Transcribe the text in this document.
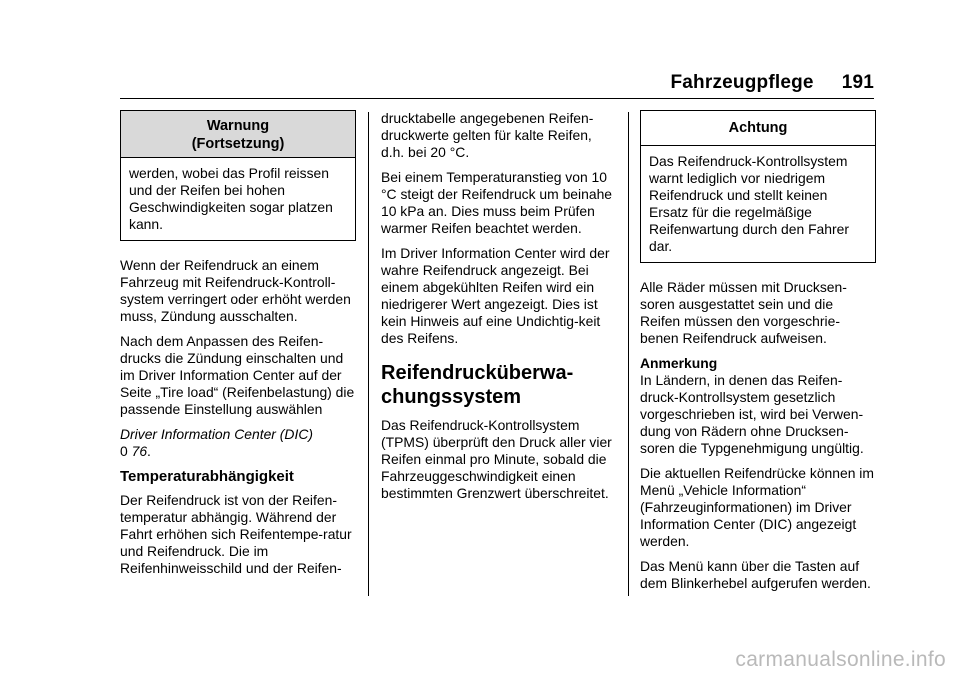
Fahrzeugpflege 191
Warnung
(Fortsetzung)
werden, wobei das Profil reissen und der Reifen bei hohen Geschwindigkeiten sogar platzen kann.

Wenn der Reifendruck an einem Fahrzeug mit Reifendruck-Kontroll-system verringert oder erhöht werden muss, Zündung ausschalten.

Nach dem Anpassen des Reifen-drucks die Zündung einschalten und im Driver Information Center auf der Seite „Tire load“ (Reifenbelastung) die passende Einstellung auswählen

Driver Information Center (DIC)
0 76.

Temperaturabhängigkeit

Der Reifendruck ist von der Reifen-temperatur abhängig. Während der Fahrt erhöhen sich Reifentempe-ratur und Reifendruck. Die im Reifenhinweisschild und der Reifen-

drucktabelle angegebenen Reifen-druckwerte gelten für kalte Reifen, d.h. bei 20 °C.

Bei einem Temperaturanstieg von 10 °C steigt der Reifendruck um beinahe 10 kPa an. Dies muss beim Prüfen warmer Reifen beachtet werden.

Im Driver Information Center wird der wahre Reifendruck angezeigt. Bei einem abgekühlten Reifen wird ein niedrigerer Wert angezeigt. Dies ist kein Hinweis auf eine Undichtig-keit des Reifens.

Reifendrucküberwa-
chungssystem

Das Reifendruck-Kontrollsystem (TPMS) überprüft den Druck aller vier Reifen einmal pro Minute, sobald die Fahrzeuggeschwindigkeit einen bestimmten Grenzwert überschreitet.

Achtung
Das Reifendruck-Kontrollsystem warnt lediglich vor niedrigem Reifendruck und stellt keinen Ersatz für die regelmäßige Reifenwartung durch den Fahrer dar.

Alle Räder müssen mit Drucksen-soren ausgestattet sein und die Reifen müssen den vorgeschrie-benen Reifendruck aufweisen.

Anmerkung

In Ländern, in denen das Reifen-druck-Kontrollsystem gesetzlich vorgeschrieben ist, wird bei Verwen-dung von Rädern ohne Drucksen-soren die Typgenehmigung ungültig.

Die aktuellen Reifendrücke können im Menü „Vehicle Information“ (Fahrzeuginformationen) im Driver Information Center (DIC) angezeigt werden.

Das Menü kann über die Tasten auf dem Blinkerhebel aufgerufen werden.

carmanualsonline.info
